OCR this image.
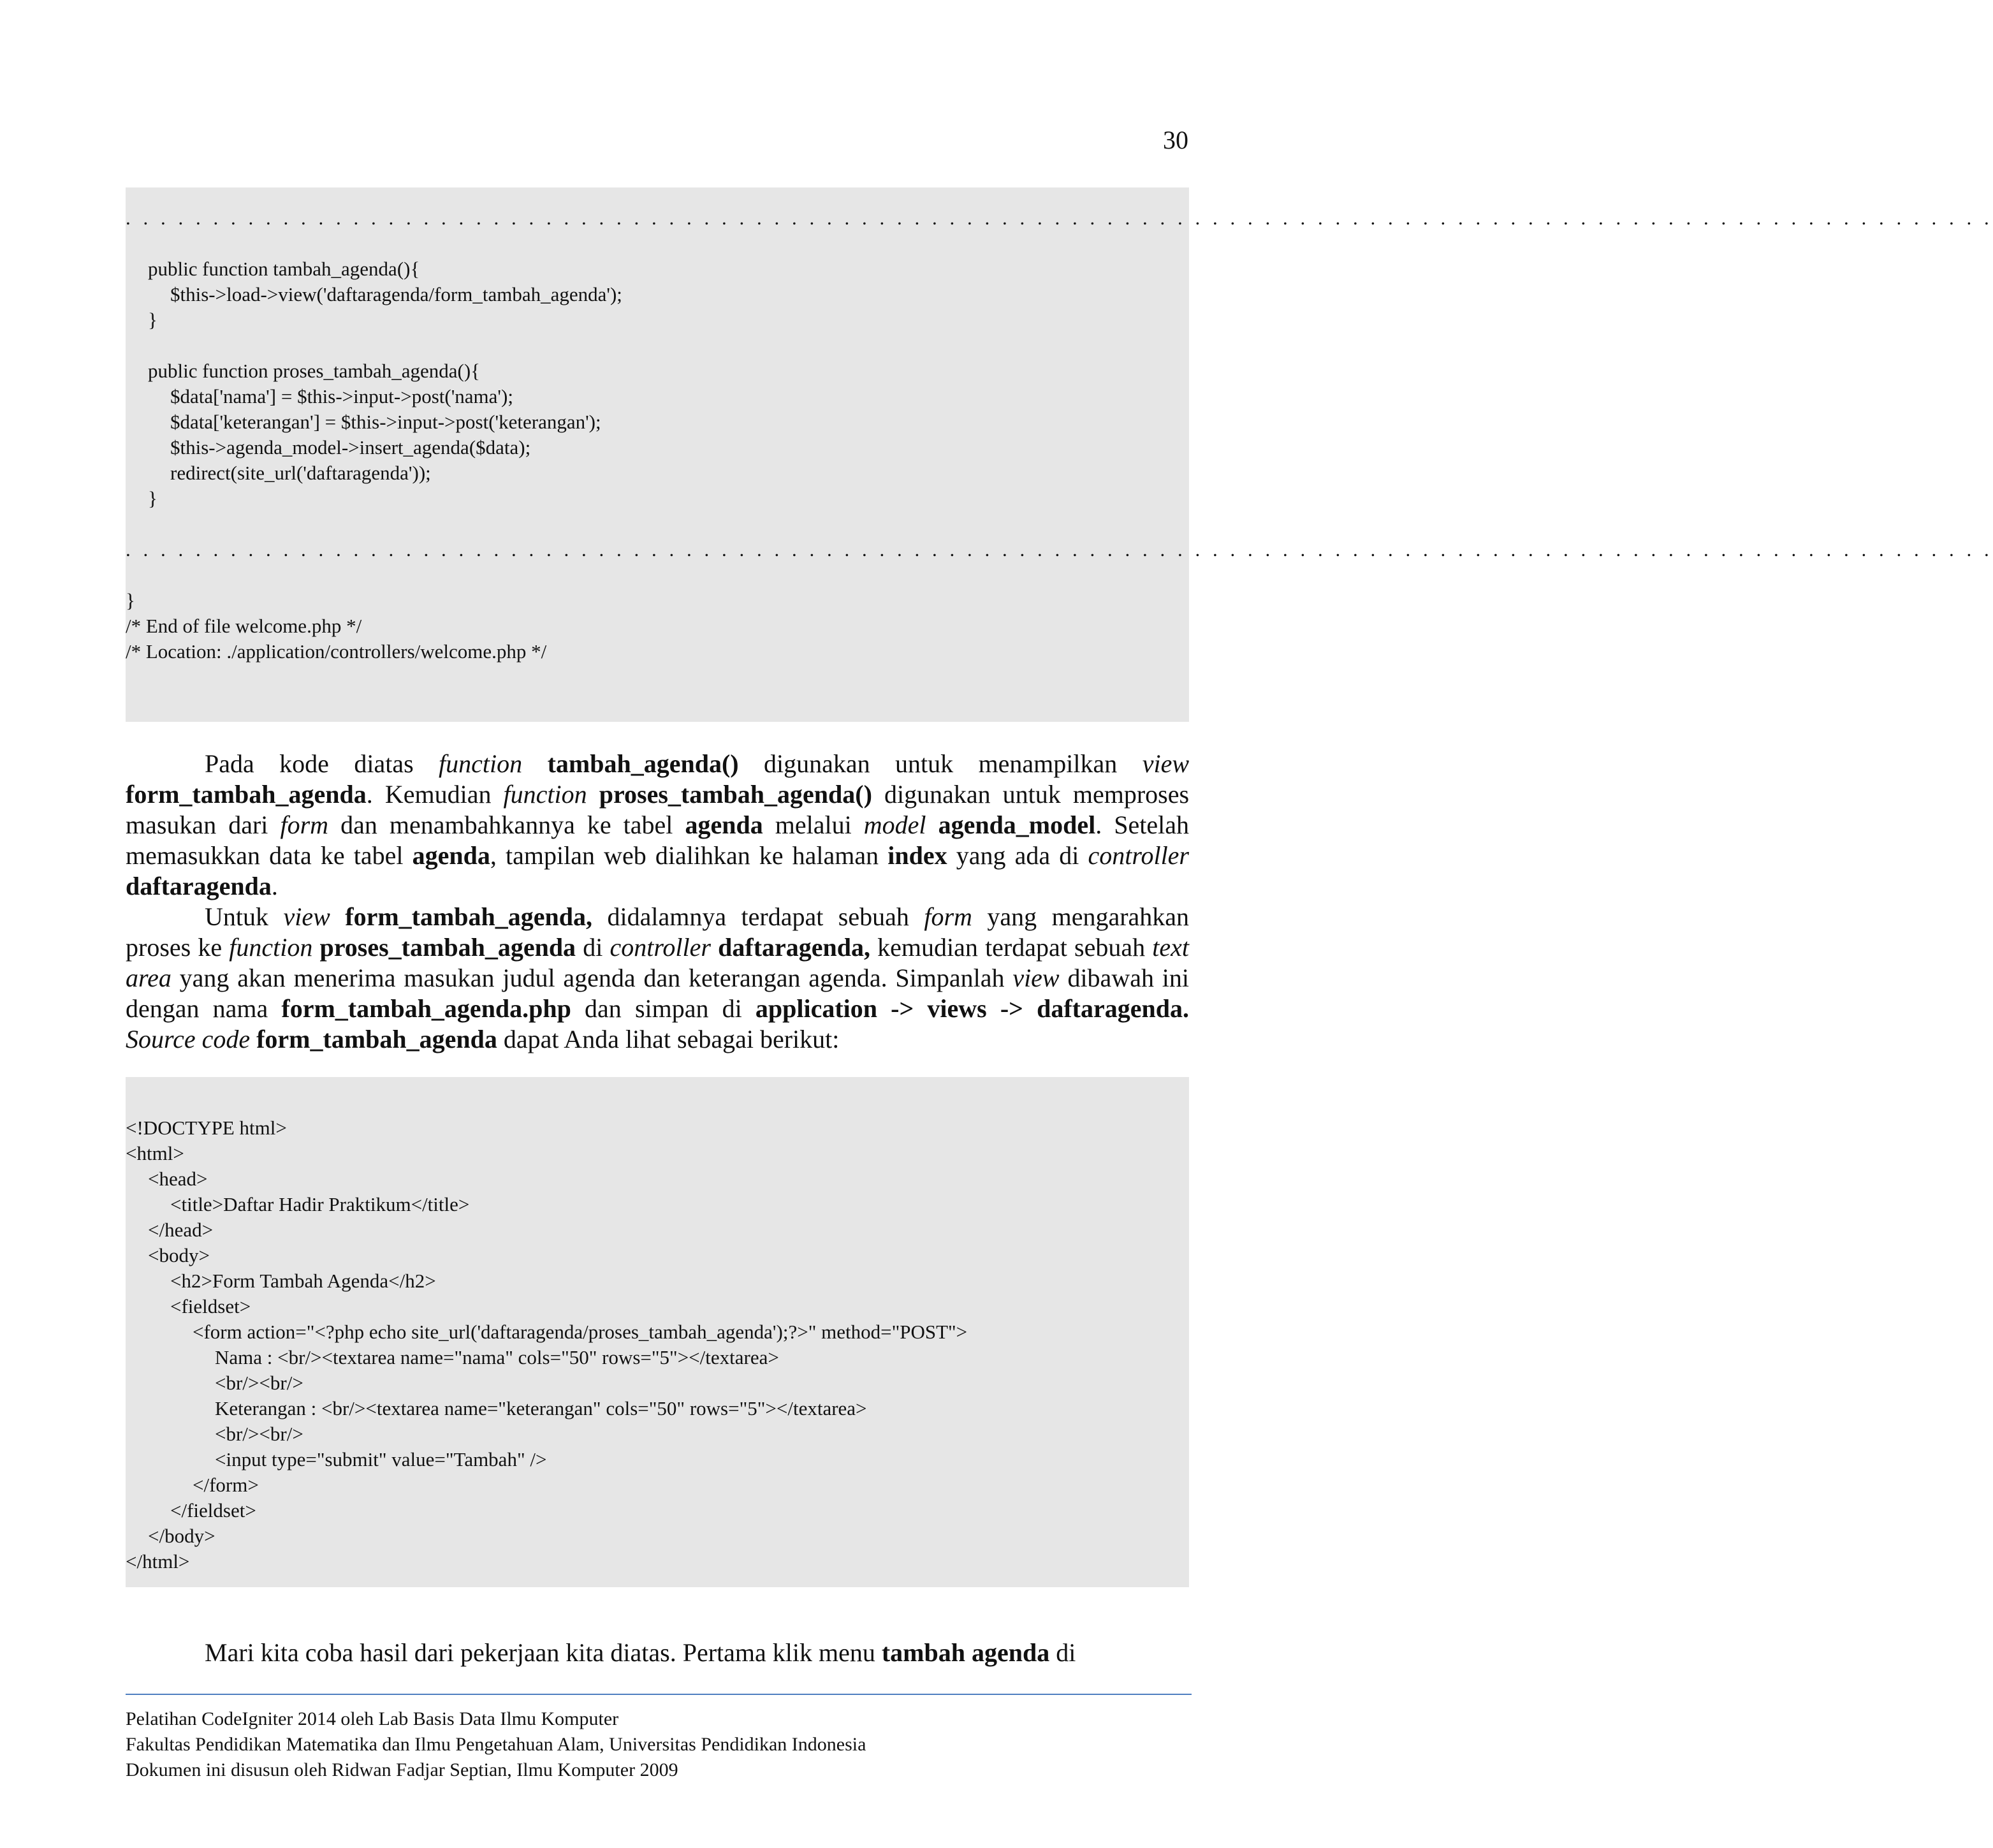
30
. . . . . . . . . . . . . . . . . . . . . . . . . . . . . . . . . . . . . . . . . . . . . . . . . . . . . . . . . . . . . . . . . . . . . . . . . . . . . . . . . . . . . . . . . . . . . . . . . . . . . . . . . . .
public function tambah_agenda(){
$this->load->view('daftaragenda/form_tambah_agenda');
}
public function proses_tambah_agenda(){
$data['nama'] = $this->input->post('nama');
$data['keterangan'] = $this->input->post('keterangan');
$this->agenda_model->insert_agenda($data);
redirect(site_url('daftaragenda'));
}
. . . . . . . . . . . . . . . . . . . . . . . . . . . . . . . . . . . . . . . . . . . . . . . . . . . . . . . . . . . . . . . . . . . . . . . . . . . . . . . . . . . . . . . . . . . . . . . . . . . . . . . . . . .
}
/* End of file welcome.php */
/* Location: ./application/controllers/welcome.php */

Pada kode diatas function tambah_agenda() digunakan untuk menampilkan view form_tambah_agenda. Kemudian function proses_tambah_agenda() digunakan untuk memproses masukan dari form dan menambahkannya ke tabel agenda melalui model agenda_model. Setelah memasukkan data ke tabel agenda, tampilan web dialihkan ke halaman index yang ada di controller daftaragenda.

Untuk view form_tambah_agenda, didalamnya terdapat sebuah form yang mengarahkan proses ke function proses_tambah_agenda di controller daftaragenda, kemudian terdapat sebuah text area yang akan menerima masukan judul agenda dan keterangan agenda. Simpanlah view dibawah ini dengan nama form_tambah_agenda.php dan simpan di application -> views -> daftaragenda. Source code form_tambah_agenda dapat Anda lihat sebagai berikut:

<!DOCTYPE html>
<html>
<head>
<title>Daftar Hadir Praktikum</title>
</head>
<body>
<h2>Form Tambah Agenda</h2>
<fieldset>
<form action="<?php echo site_url('daftaragenda/proses_tambah_agenda');?>" method="POST">
Nama : <br/><textarea name="nama" cols="50" rows="5"></textarea>
<br/><br/>
Keterangan : <br/><textarea name="keterangan" cols="50" rows="5"></textarea>
<br/><br/>
<input type="submit" value="Tambah" />
</form>
</fieldset>
</body>
</html>

Mari kita coba hasil dari pekerjaan kita diatas. Pertama klik menu tambah agenda di

Pelatihan CodeIgniter 2014 oleh Lab Basis Data Ilmu Komputer
Fakultas Pendidikan Matematika dan Ilmu Pengetahuan Alam, Universitas Pendidikan Indonesia
Dokumen ini disusun oleh Ridwan Fadjar Septian, Ilmu Komputer 2009
